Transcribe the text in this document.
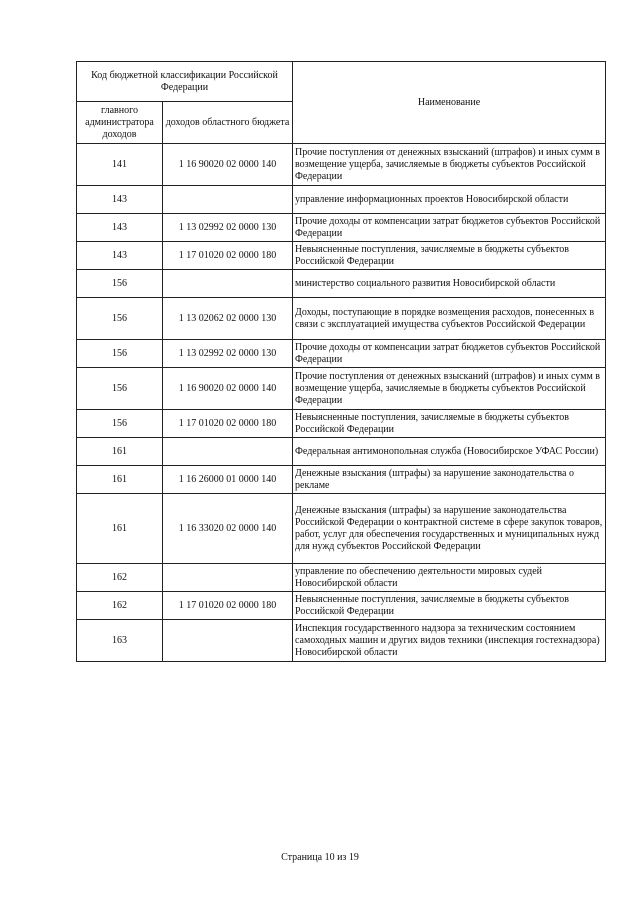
Код бюджетной классификации Российской Федерации		Наименование
главного администратора доходов	доходов областного бюджета	
141	1 16 90020 02 0000 140	Прочие поступления от денежных взысканий (штрафов) и иных сумм в возмещение ущерба, зачисляемые в бюджеты субъектов Российской Федерации
143		управление информационных проектов Новосибирской области
143	1 13 02992 02 0000 130	Прочие доходы от компенсации затрат бюджетов субъектов Российской Федерации
143	1 17 01020 02 0000 180	Невыясненные поступления, зачисляемые в бюджеты субъектов Российской Федерации
156		министерство социального развития Новосибирской области
156	1 13 02062 02 0000 130	Доходы, поступающие в порядке возмещения расходов, понесенных в связи с эксплуатацией имущества субъектов Российской Федерации
156	1 13 02992 02 0000 130	Прочие доходы от компенсации затрат бюджетов субъектов Российской Федерации
156	1 16 90020 02 0000 140	Прочие поступления от денежных взысканий (штрафов) и иных сумм в возмещение ущерба, зачисляемые в бюджеты субъектов Российской Федерации
156	1 17 01020 02 0000 180	Невыясненные поступления, зачисляемые в бюджеты субъектов Российской Федерации
161		Федеральная антимонопольная служба (Новосибирское УФАС России)
161	1 16 26000 01 0000 140	Денежные взыскания (штрафы) за нарушение законодательства о рекламе
161	1 16 33020 02 0000 140	Денежные взыскания (штрафы) за нарушение законодательства Российской Федерации о контрактной системе в сфере закупок товаров, работ, услуг для обеспечения государственных и муниципальных нужд для нужд субъектов Российской Федерации
162		управление по обеспечению деятельности мировых судей Новосибирской области
162	1 17 01020 02 0000 180	Невыясненные поступления, зачисляемые в бюджеты субъектов Российской Федерации
163		Инспекция государственного надзора за техническим состоянием самоходных машин и других видов техники (инспекция гостехнадзора) Новосибирской области
Страница 10 из 19
